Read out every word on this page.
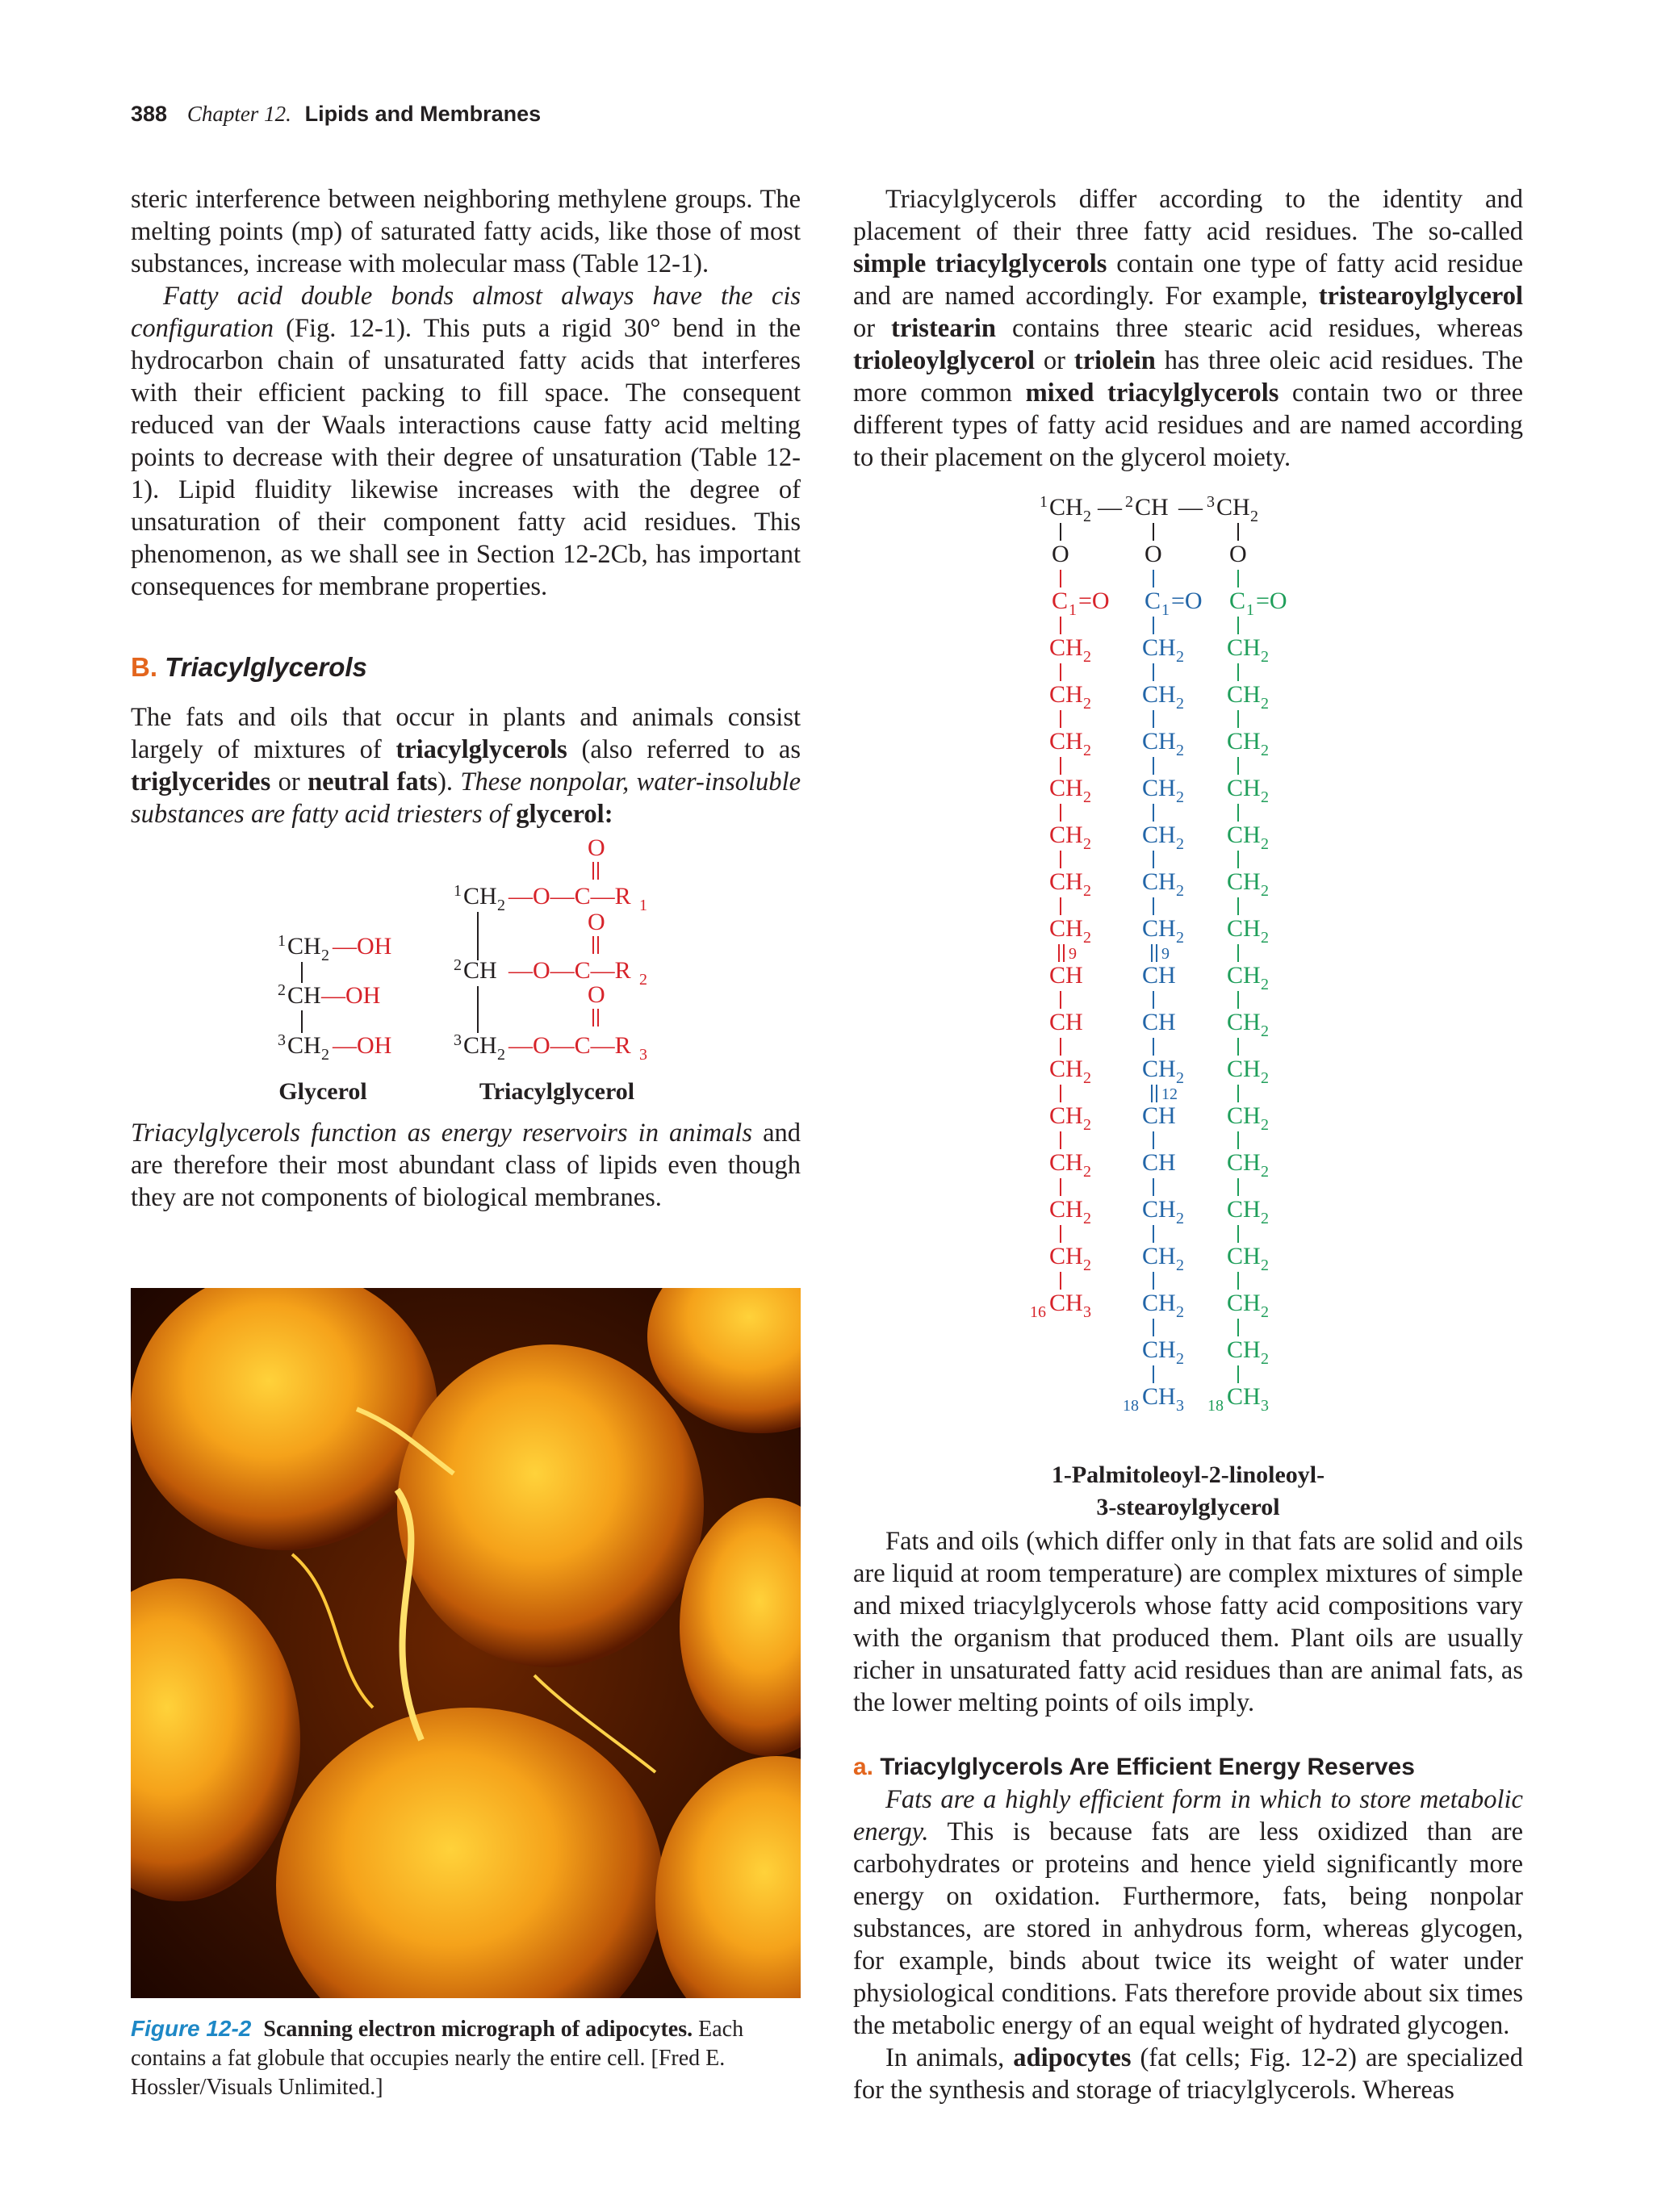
388 Chapter 12. Lipids and Membranes

steric interference between neighboring methylene groups. The melting points (mp) of saturated fatty acids, like those of most substances, increase with molecular mass (Table 12-1).

Fatty acid double bonds almost always have the cis configuration (Fig. 12-1). This puts a rigid 30° bend in the hydrocarbon chain of unsaturated fatty acids that interferes with their efficient packing to fill space. The consequent reduced van der Waals interactions cause fatty acid melting points to decrease with their degree of unsaturation (Table 12-1). Lipid fluidity likewise increases with the degree of unsaturation of their component fatty acid residues. This phenomenon, as we shall see in Section 12-2Cb, has important consequences for membrane properties.

B. Triacylglycerols

The fats and oils that occur in plants and animals consist largely of mixtures of triacylglycerols (also referred to as triglycerides or neutral fats). These nonpolar, water-insoluble substances are fatty acid triesters of glycerol:

1 CH 2 —OH
2 CH —OH
3 CH 2 —OH
O
1 CH 2 —O—C—R 1
O
2 CH —O—C—R 2
O
3 CH 2 —O—C—R 3
Glycerol	Triacylglycerol

Triacylglycerols function as energy reservoirs in animals and are therefore their most abundant class of lipids even though they are not components of biological membranes.

Figure 12-2 Scanning electron micrograph of adipocytes. Each contains a fat globule that occupies nearly the entire cell. [Fred E. Hossler/Visuals Unlimited.]

Triacylglycerols differ according to the identity and placement of their three fatty acid residues. The so-called simple triacylglycerols contain one type of fatty acid residue and are named accordingly. For example, tristearoylglycerol or tristearin contains three stearic acid residues, whereas trioleoylglycerol or triolein has three oleic acid residues. The more common mixed triacylglycerols contain two or three different types of fatty acid residues and are named according to their placement on the glycerol moiety.

1 CH 2 — 2 CH — 3 CH 2
O
C 1 =O
CH 2
CH 2
CH 2
CH 2
CH 2
CH 2
CH 2
9
CH
CH
CH 2
CH 2
CH 2
CH 2
CH 2
16 CH 3
O
C 1 =O
CH 2
CH 2
CH 2
CH 2
CH 2
CH 2
CH 2
9
CH
CH
CH 2
12
CH
CH
CH 2
CH 2
CH 2
CH 2
18 CH 3
O
C 1 =O
CH 2
CH 2
CH 2
CH 2
CH 2
CH 2
CH 2
CH 2
CH 2
CH 2
CH 2
CH 2
CH 2
CH 2
CH 2
CH 2
18 CH 3
1-Palmitoleoyl-2-linoleoyl-
3-stearoylglycerol

Fats and oils (which differ only in that fats are solid and oils are liquid at room temperature) are complex mixtures of simple and mixed triacylglycerols whose fatty acid compositions vary with the organism that produced them. Plant oils are usually richer in unsaturated fatty acid residues than are animal fats, as the lower melting points of oils imply.

a. Triacylglycerols Are Efficient Energy Reserves

Fats are a highly efficient form in which to store metabolic energy. This is because fats are less oxidized than are carbohydrates or proteins and hence yield significantly more energy on oxidation. Furthermore, fats, being nonpolar substances, are stored in anhydrous form, whereas glycogen, for example, binds about twice its weight of water under physiological conditions. Fats therefore provide about six times the metabolic energy of an equal weight of hydrated glycogen.

In animals, adipocytes (fat cells; Fig. 12-2) are specialized for the synthesis and storage of triacylglycerols. Whereas
